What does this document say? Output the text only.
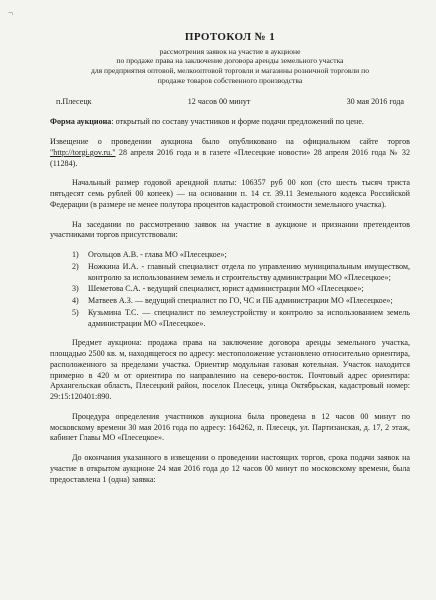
¬
ПРОТОКОЛ № 1
рассмотрения заявок на участие в аукционе
по продаже права на заключение договора аренды земельного участка
для предприятия оптовой, мелкооптовой торговли и магазины розничной торговли по
продаже товаров собственного производства
п.Плесецк	12 часов 00 минут	30 мая 2016 года

Форма аукциона: открытый по составу участников и форме подачи предложений по цене.

Извещение о проведении аукциона было опубликовано на официальном сайте торгов "http://torgi.gov.ru." 28 апреля 2016 года и в газете «Плесецкие новости» 28 апреля 2016 года № 32 (11284).

Начальный размер годовой арендной платы: 106357 руб 00 коп (сто шесть тысяч триста пятьдесят семь рублей 00 копеек) — на основании п. 14 ст. 39.11 Земельного кодекса Российской Федерации (в размере не менее полутора процентов кадастровой стоимости земельного участка).

На заседании по рассмотрению заявок на участие в аукционе и признании претендентов участниками торгов присутствовали:

1)	Огольцов А.В. - глава МО «Плесецкое»;
2)	Ножкина И.А. - главный специалист отдела по управлению муниципальным имуществом, контролю за использованием земель и строительству администрации МО «Плесецкое»;
3)	Шеметова С.А. - ведущий специалист, юрист администрации МО «Плесецкое»;
4)	Матвеев А.З. — ведущий специалист по ГО, ЧС и ПБ администрации МО «Плесецкое»;
5)	Кузьмина Т.С. — специалист по землеустройству и контролю за использованием земель администрации МО «Плесецкое».

Предмет аукциона: продажа права на заключение договора аренды земельного участка, площадью 2500 кв. м, находящегося по адресу: местоположение установлено относительно ориентира, расположенного за пределами участка. Ориентир модульная газовая котельная. Участок находится примерно в 420 м от ориентира по направлению на северо-восток. Почтовый адрес ориентира: Архангельская область, Плесецкий район, поселок Плесецк, улица Октябрьская, кадастровый номер: 29:15:120401:890.

Процедура определения участников аукциона была проведена в 12 часов 00 минут по московскому времени 30 мая 2016 года по адресу: 164262, п. Плесецк, ул. Партизанская, д. 17, 2 этаж, кабинет Главы МО «Плесецкое».

До окончания указанного в извещении о проведении настоящих торгов, срока подачи заявок на участие в открытом аукционе 24 мая 2016 года до 12 часов 00 минут по московскому времени, была предоставлена 1 (одна) заявка:
